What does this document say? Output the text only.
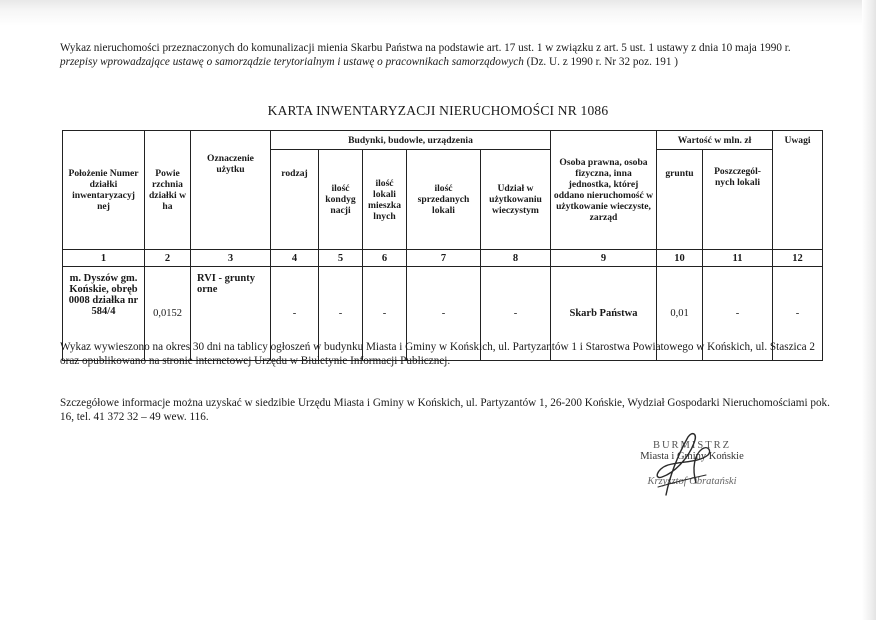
Wykaz nieruchomości przeznaczonych do komunalizacji mienia Skarbu Państwa na podstawie art. 17 ust. 1 w związku z art. 5 ust. 1 ustawy z dnia 10 maja 1990 r. przepisy wprowadzające ustawę o samorządzie terytorialnym i ustawę o pracownikach samorządowych (Dz. U. z 1990 r. Nr 32 poz. 191 )
KARTA INWENTARYZACJI NIERUCHOMOŚCI NR 1086
Położenie Numer działki inwentaryzacyj nej	Powie rzchnia działki w ha	Oznaczenie użytku	Budynki, budowle, urządzenia					Osoba prawna, osoba fizyczna, inna jednostka, której oddano nieruchomość w użytkowanie wieczyste, zarząd	Wartość w mln. zł		Uwagi
			rodzaj	ilość kondyg nacji	ilość lokali mieszka lnych	ilość sprzedanych lokali	Udział w użytkowaniu wieczystym		gruntu	Poszczegól- nych lokali	
1	2	3	4	5	6	7	8	9	10	11	12
m. Dyszów gm. Końskie, obręb 0008 działka nr 584/4	0,0152	RVI - grunty orne	-	-	-	-	-	Skarb Państwa	0,01	-	-
Wykaz wywieszono na okres 30 dni na tablicy ogłoszeń w budynku Miasta i Gminy w Końskich, ul. Partyzantów 1 i Starostwa Powiatowego w Końskich, ul. Staszica 2 oraz opublikowano na stronie internetowej Urzędu w Biuletynie Informacji Publicznej.
Szczegółowe informacje można uzyskać w siedzibie Urzędu Miasta i Gminy w Końskich, ul. Partyzantów 1, 26-200 Końskie, Wydział Gospodarki Nieruchomościami pok. 16, tel. 41 372 32 – 49 wew. 116.
BURMISTRZ
Miasta i Gminy Końskie
Krzysztof Obratański
